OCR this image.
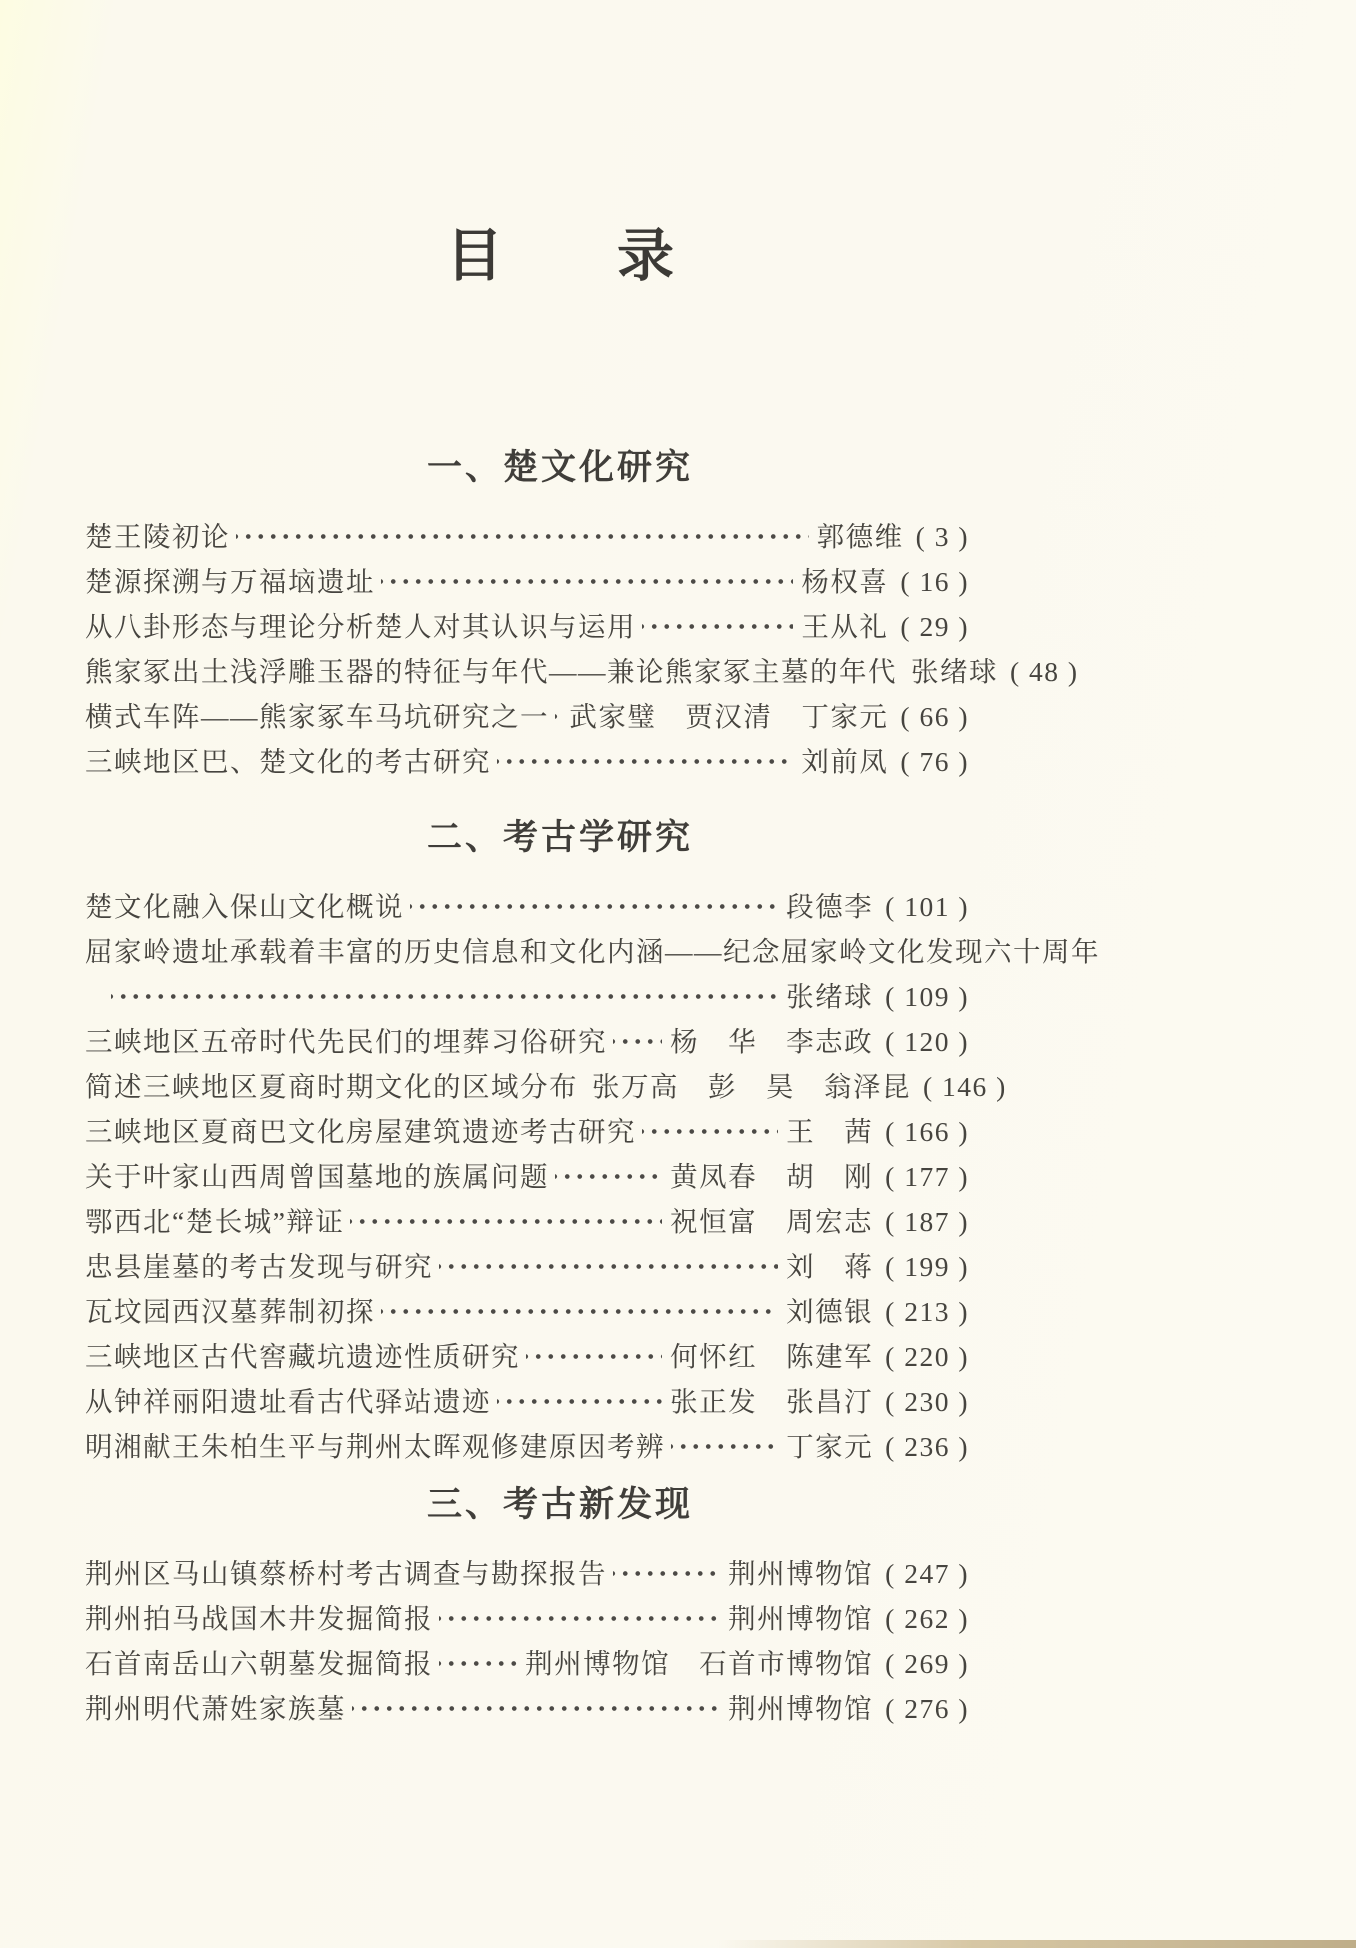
目　　录
一、楚文化研究
楚王陵初论	郭德维 ( 3 )
楚源探溯与万福垴遗址	杨权喜 ( 16 )
从八卦形态与理论分析楚人对其认识与运用	王从礼 ( 29 )
熊家冢出土浅浮雕玉器的特征与年代——兼论熊家冢主墓的年代 张绪球 ( 48 )
横式车阵——熊家冢车马坑研究之一 武家璧　贾汉清　丁家元 ( 66 )
三峡地区巴、楚文化的考古研究	刘前凤 ( 76 )
二、考古学研究
楚文化融入保山文化概说	段德李 ( 101 )
屈家岭遗址承载着丰富的历史信息和文化内涵——纪念屈家岭文化发现六十周年
张绪球 ( 109 )
三峡地区五帝时代先民们的埋葬习俗研究 杨　华　李志政 ( 120 )
简述三峡地区夏商时期文化的区域分布 张万高　彭　昊　翁泽昆 ( 146 )
三峡地区夏商巴文化房屋建筑遗迹考古研究	王　茜 ( 166 )
关于叶家山西周曾国墓地的族属问题	黄凤春　胡　刚 ( 177 )
鄂西北“楚长城”辩证	祝恒富　周宏志 ( 187 )
忠县崖墓的考古发现与研究	刘　蒋 ( 199 )
瓦坟园西汉墓葬制初探	刘德银 ( 213 )
三峡地区古代窖藏坑遗迹性质研究	何怀红　陈建军 ( 220 )
从钟祥丽阳遗址看古代驿站遗迹	张正发　张昌汀 ( 230 )
明湘献王朱柏生平与荆州太晖观修建原因考辨	丁家元 ( 236 )
三、考古新发现
荆州区马山镇蔡桥村考古调查与勘探报告	荆州博物馆 ( 247 )
荆州拍马战国木井发掘简报	荆州博物馆 ( 262 )
石首南岳山六朝墓发掘简报	荆州博物馆　石首市博物馆 ( 269 )
荆州明代萧姓家族墓	荆州博物馆 ( 276 )
